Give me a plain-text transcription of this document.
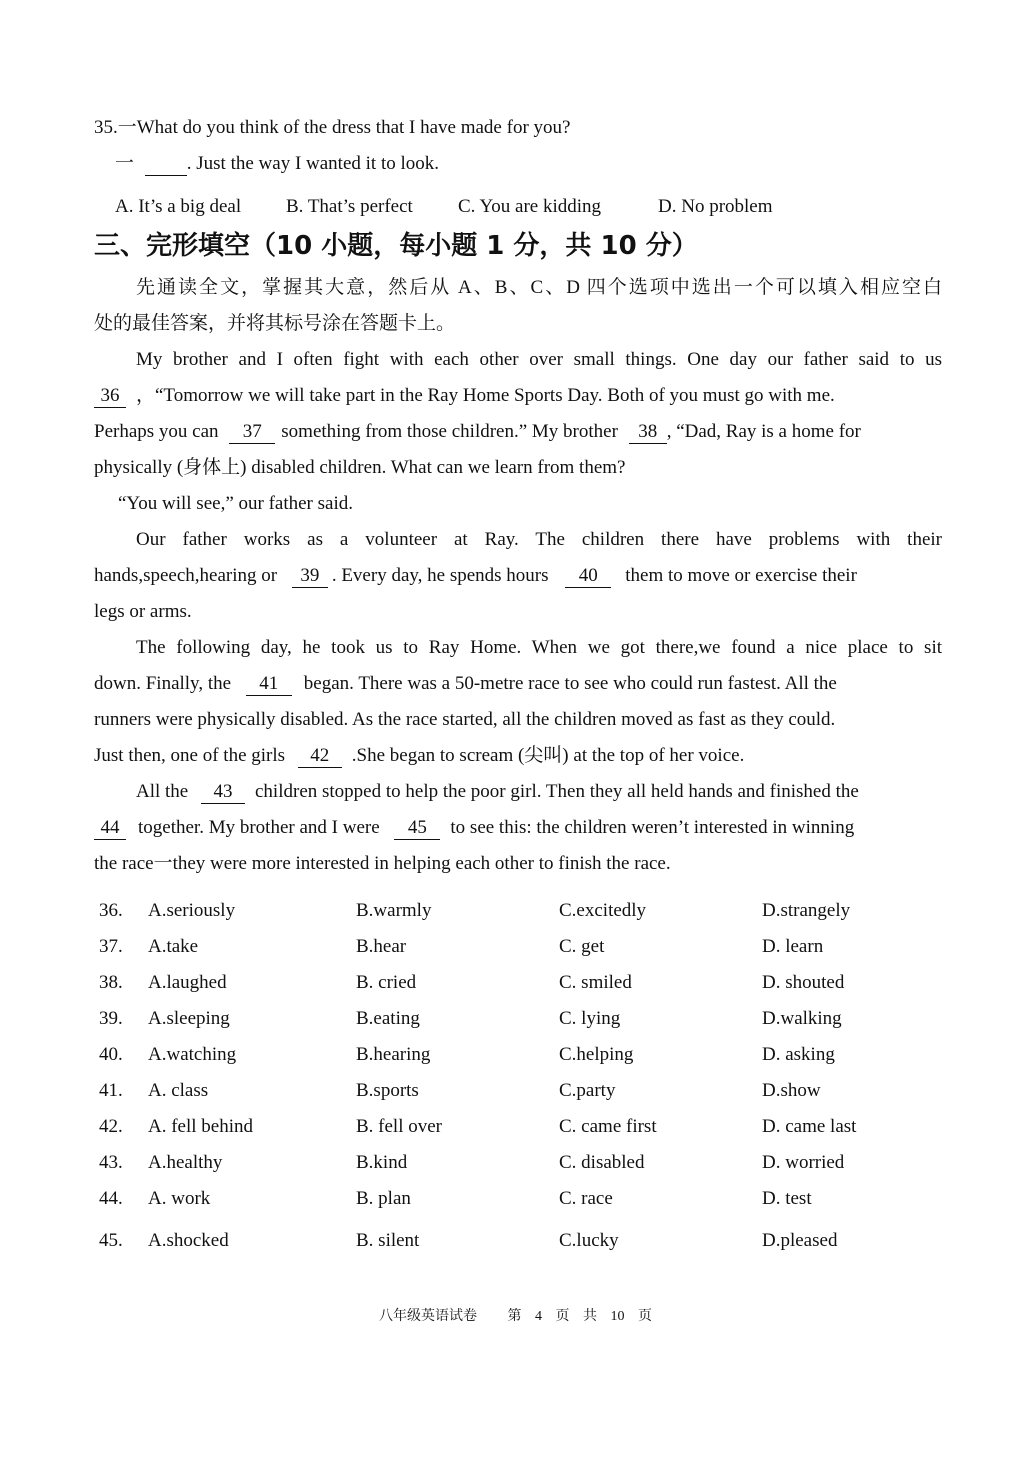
35.一What do you think of the dress that I have made for you?
一	. Just the way I wanted it to look.
A. It’s a big deal B. That’s perfect C. You are kidding	D. No problem
三、完形填空（10 小题，每小题 1 分，共 10 分）
先通读全文，掌握其大意，然后从 A、B、C、D 四个选项中选出一个可以填入相应空白
处的最佳答案，并将其标号涂在答题卡上。
My brother and I often fight with each other over small things. One day our father said to us
36 ，“Tomorrow we will take part in the Ray Home Sports Day. Both of you must go with me.
Perhaps you can 37 something from those children.” My brother 38 , “Dad, Ray is a home for
physically (身体上) disabled children. What can we learn from them?
“You will see,” our father said.
Our father works as a volunteer at Ray. The children there have problems with their
hands,speech,hearing or 39 . Every day, he spends hours 40 them to move or exercise their
legs or arms.
The following day, he took us to Ray Home. When we got there,we found a nice place to sit
down. Finally, the 41 began. There was a 50-metre race to see who could run fastest. All the
runners were physically disabled. As the race started, all the children moved as fast as they could.
Just then, one of the girls 42 .She began to scream (尖叫) at the top of her voice.
All the 43 children stopped to help the poor girl. Then they all held hands and finished the
44 together. My brother and I were 45 to see this: the children weren’t interested in winning
the race一they were more interested in helping each other to finish the race.
36. A.seriously	B.warmly	C.excitedly	D.strangely
37. A.take	B.hear	C. get	D. learn
38. A.laughed	B. cried	C. smiled	D. shouted
39. A.sleeping	B.eating	C. lying	D.walking
40. A.watching	B.hearing	C.helping	D. asking
41. A. class	B.sports	C.party	D.show
42. A. fell behind	B. fell over	C. came first	D. came last
43. A.healthy	B.kind	C. disabled	D. worried
44. A. work	B. plan	C. race	D. test
45. A.shocked	B. silent	C.lucky	D.pleased
八年级英语试卷 第 4 页 共 10 页
